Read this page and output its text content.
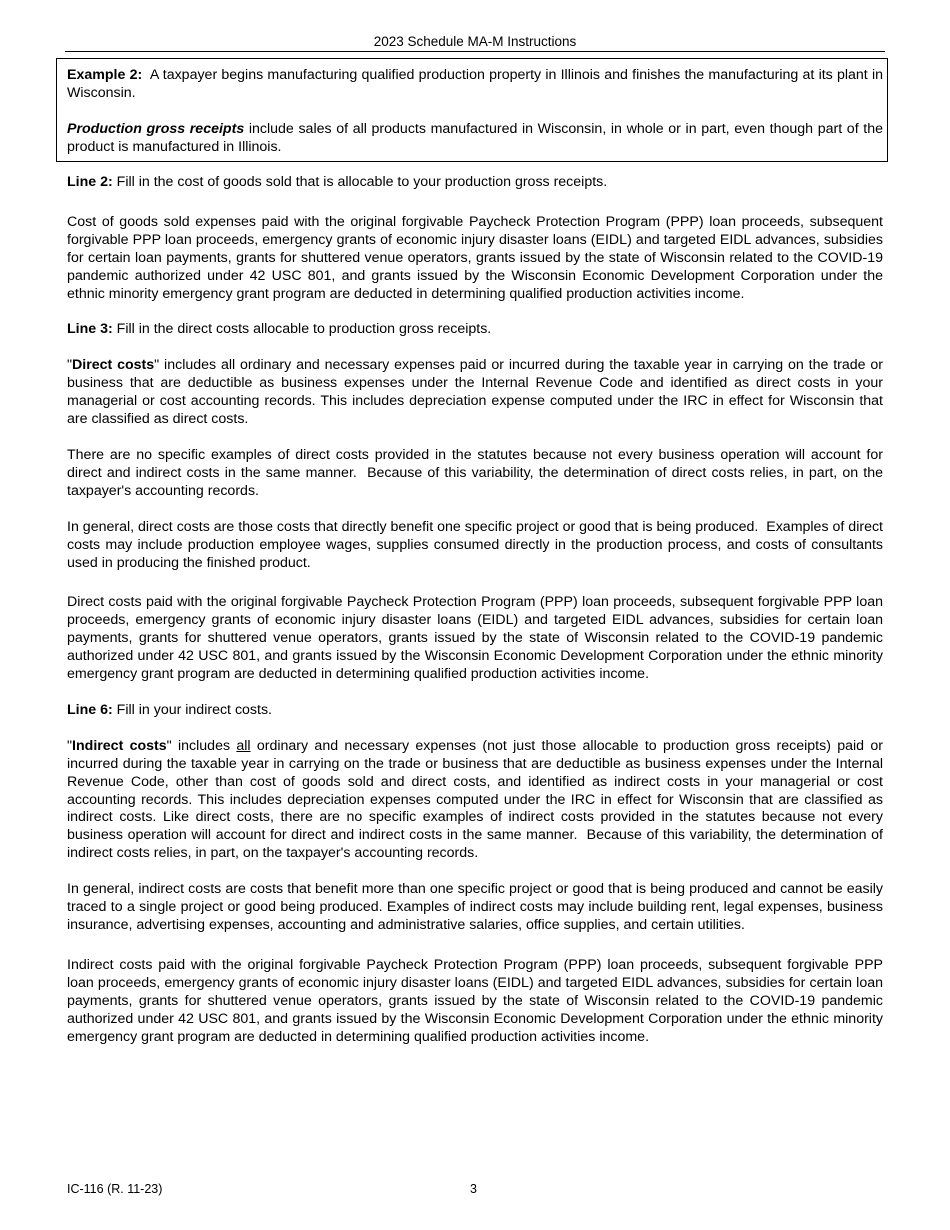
2023 Schedule MA-M Instructions

Example 2:  A taxpayer begins manufacturing qualified production property in Illinois and finishes the manufacturing at its plant in Wisconsin.

Production gross receipts include sales of all products manufactured in Wisconsin, in whole or in part, even though part of the product is manufactured in Illinois.

Line 2: Fill in the cost of goods sold that is allocable to your production gross receipts.

Cost of goods sold expenses paid with the original forgivable Paycheck Protection Program (PPP) loan proceeds, subsequent forgivable PPP loan proceeds, emergency grants of economic injury disaster loans (EIDL) and targeted EIDL advances, subsidies for certain loan payments, grants for shuttered venue operators, grants issued by the state of Wisconsin related to the COVID-19 pandemic authorized under 42 USC 801, and grants issued by the Wisconsin Economic Development Corporation under the ethnic minority emergency grant program are deducted in determining qualified production activities income.

Line 3: Fill in the direct costs allocable to production gross receipts.

"Direct costs" includes all ordinary and necessary expenses paid or incurred during the taxable year in carrying on the trade or business that are deductible as business expenses under the Internal Revenue Code and identified as direct costs in your managerial or cost accounting records. This includes depreciation expense computed under the IRC in effect for Wisconsin that are classified as direct costs.

There are no specific examples of direct costs provided in the statutes because not every business operation will account for direct and indirect costs in the same manner.  Because of this variability, the determination of direct costs relies, in part, on the taxpayer's accounting records.

In general, direct costs are those costs that directly benefit one specific project or good that is being produced.  Examples of direct costs may include production employee wages, supplies consumed directly in the production process, and costs of consultants used in producing the finished product.

Direct costs paid with the original forgivable Paycheck Protection Program (PPP) loan proceeds, subsequent forgivable PPP loan proceeds, emergency grants of economic injury disaster loans (EIDL) and targeted EIDL advances, subsidies for certain loan payments, grants for shuttered venue operators, grants issued by the state of Wisconsin related to the COVID-19 pandemic authorized under 42 USC 801, and grants issued by the Wisconsin Economic Development Corporation under the ethnic minority emergency grant program are deducted in determining qualified production activities income.

Line 6: Fill in your indirect costs.

"Indirect costs" includes all ordinary and necessary expenses (not just those allocable to production gross receipts) paid or incurred during the taxable year in carrying on the trade or business that are deductible as business expenses under the Internal Revenue Code, other than cost of goods sold and direct costs, and identified as indirect costs in your managerial or cost accounting records. This includes depreciation expenses computed under the IRC in effect for Wisconsin that are classified as indirect costs. Like direct costs, there are no specific examples of indirect costs provided in the statutes because not every business operation will account for direct and indirect costs in the same manner.  Because of this variability, the determination of indirect costs relies, in part, on the taxpayer's accounting records.

In general, indirect costs are costs that benefit more than one specific project or good that is being produced and cannot be easily traced to a single project or good being produced. Examples of indirect costs may include building rent, legal expenses, business insurance, advertising expenses, accounting and administrative salaries, office supplies, and certain utilities.

Indirect costs paid with the original forgivable Paycheck Protection Program (PPP) loan proceeds, subsequent forgivable PPP loan proceeds, emergency grants of economic injury disaster loans (EIDL) and targeted EIDL advances, subsidies for certain loan payments, grants for shuttered venue operators, grants issued by the state of Wisconsin related to the COVID-19 pandemic authorized under 42 USC 801, and grants issued by the Wisconsin Economic Development Corporation under the ethnic minority emergency grant program are deducted in determining qualified production activities income.

IC-116 (R. 11-23)	3
